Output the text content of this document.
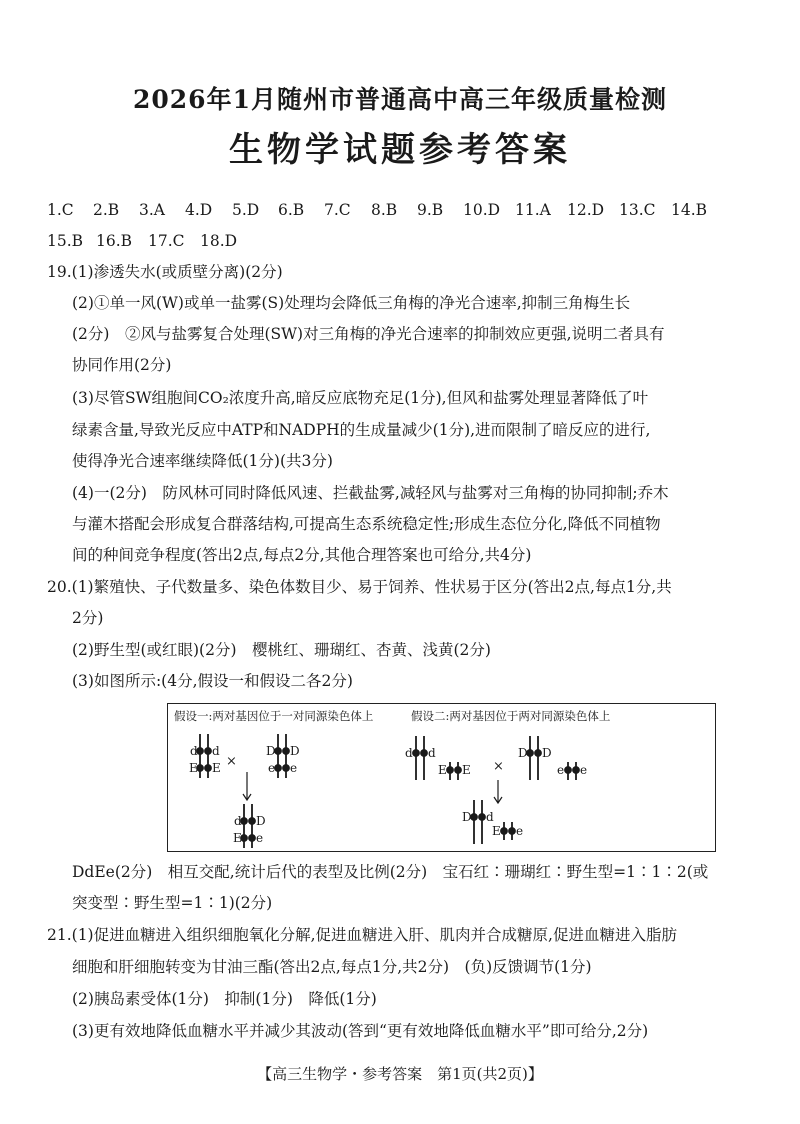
2026年1月随州市普通高中高三年级质量检测
生物学试题参考答案
1.C 2.B 3.A 4.D 5.D 6.B 7.C 8.B 9.B 10.D 11.A 12.D 13.C 14.B
15.B 16.B 17.C 18.D
19.(1)渗透失水(或质壁分离)(2分)
(2)①单一风(W)或单一盐雾(S)处理均会降低三角梅的净光合速率,抑制三角梅生长
(2分)　②风与盐雾复合处理(SW)对三角梅的净光合速率的抑制效应更强,说明二者具有
协同作用(2分)
(3)尽管SW组胞间CO₂浓度升高,暗反应底物充足(1分),但风和盐雾处理显著降低了叶
绿素含量,导致光反应中ATP和NADPH的生成量减少(1分),进而限制了暗反应的进行,
使得净光合速率继续降低(1分)(共3分)
(4)一(2分)　防风林可同时降低风速、拦截盐雾,减轻风与盐雾对三角梅的协同抑制;乔木
与灌木搭配会形成复合群落结构,可提高生态系统稳定性;形成生态位分化,降低不同植物
间的种间竞争程度(答出2点,每点2分,其他合理答案也可给分,共4分)
20.(1)繁殖快、子代数量多、染色体数目少、易于饲养、性状易于区分(答出2点,每点1分,共
2分)
(2)野生型(或红眼)(2分)　樱桃红、珊瑚红、杏黄、浅黄(2分)
(3)如图所示:(4分,假设一和假设二各2分)
假设一:两对基因位于一对同源染色体上	假设二:两对基因位于两对同源染色体上
d d
E E ×
D D
e e
d D
E e
d d
E E ×
D D
e e
D d
E e
DdEe(2分)　相互交配,统计后代的表型及比例(2分)　宝石红∶珊瑚红∶野生型=1∶1∶2(或
突变型∶野生型=1∶1)(2分)
21.(1)促进血糖进入组织细胞氧化分解,促进血糖进入肝、肌肉并合成糖原,促进血糖进入脂肪
细胞和肝细胞转变为甘油三酯(答出2点,每点1分,共2分)　(负)反馈调节(1分)
(2)胰岛素受体(1分)　抑制(1分)　降低(1分)
(3)更有效地降低血糖水平并减少其波动(答到“更有效地降低血糖水平”即可给分,2分)
【高三生物学・参考答案　第1页(共2页)】
